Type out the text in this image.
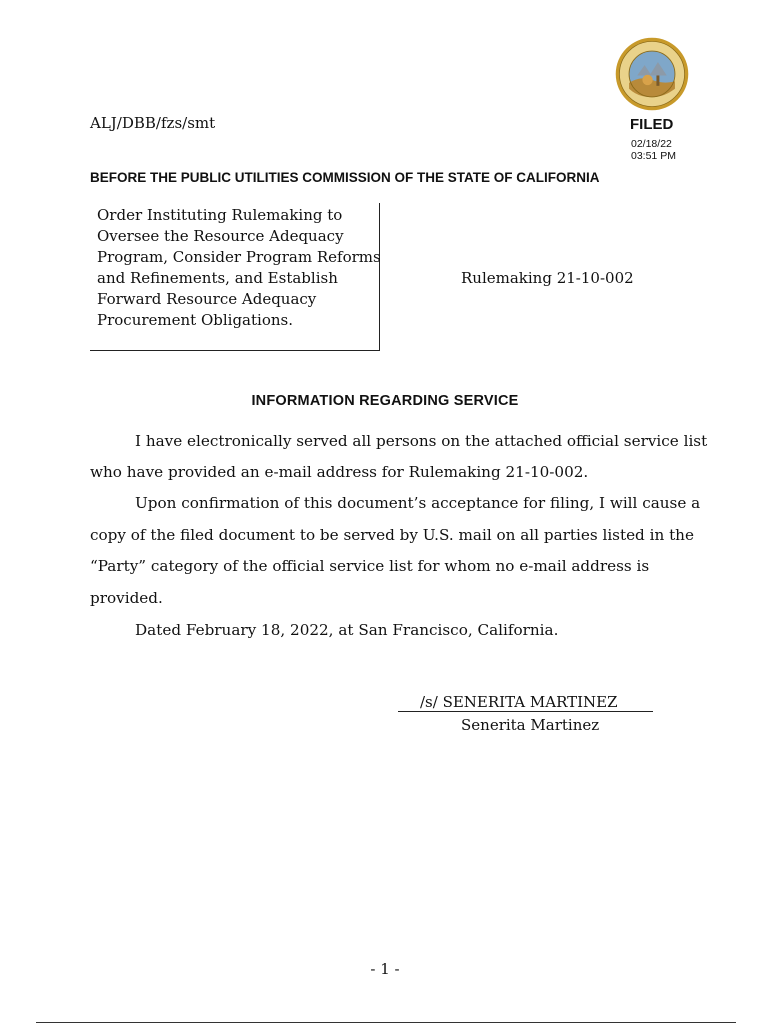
ALJ/DBB/fzs/smt	FILED
02/18/22
03:51 PM
BEFORE THE PUBLIC UTILITIES COMMISSION OF THE STATE OF CALIFORNIA
Order Instituting Rulemaking to
Oversee the Resource Adequacy
Program, Consider Program Reforms
and Refinements, and Establish
Forward Resource Adequacy
Procurement Obligations.
Rulemaking 21-10-002
INFORMATION REGARDING SERVICE
I have electronically served all persons on the attached official service list
who have provided an e-mail address for Rulemaking 21-10-002.
Upon confirmation of this document’s acceptance for filing, I will cause a
copy of the filed document to be served by U.S. mail on all parties listed in the
“Party” category of the official service list for whom no e-mail address is
provided.
Dated February 18, 2022, at San Francisco, California.
/s/ SENERITA MARTINEZ
Senerita Martinez
- 1 -
